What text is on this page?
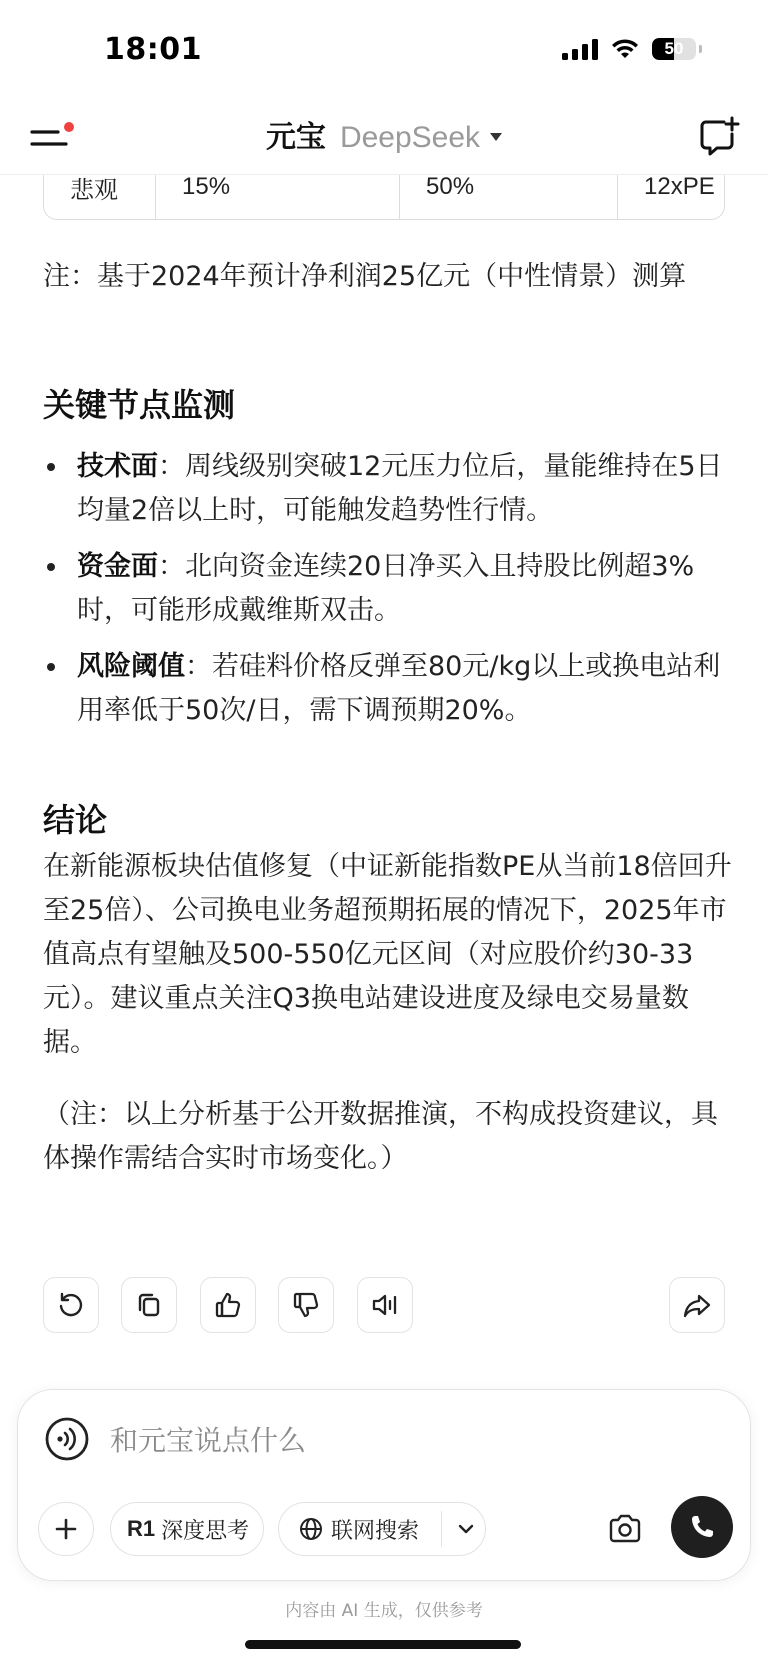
18:01	50
元宝 DeepSeek
悲观	15%	50%	12xPE
注：基于2024年预计净利润25亿元（中性情景）测算
关键节点监测
技术面：周线级别突破12元压力位后，量能维持在5日均量2倍以上时，可能触发趋势性行情。
资金面：北向资金连续20日净买入且持股比例超3%时，可能形成戴维斯双击。
风险阈值：若硅料价格反弹至80元/kg以上或换电站利用率低于50次/日，需下调预期20%。
结论
在新能源板块估值修复（中证新能指数PE从当前18倍回升至25倍）、公司换电业务超预期拓展的情况下，2025年市值高点有望触及500-550亿元区间（对应股价约30-33元）。建议重点关注Q3换电站建设进度及绿电交易量数据。
（注：以上分析基于公开数据推演，不构成投资建议，具体操作需结合实时市场变化。）
和元宝说点什么
R1 深度思考	联网搜索
内容由 AI 生成，仅供参考
